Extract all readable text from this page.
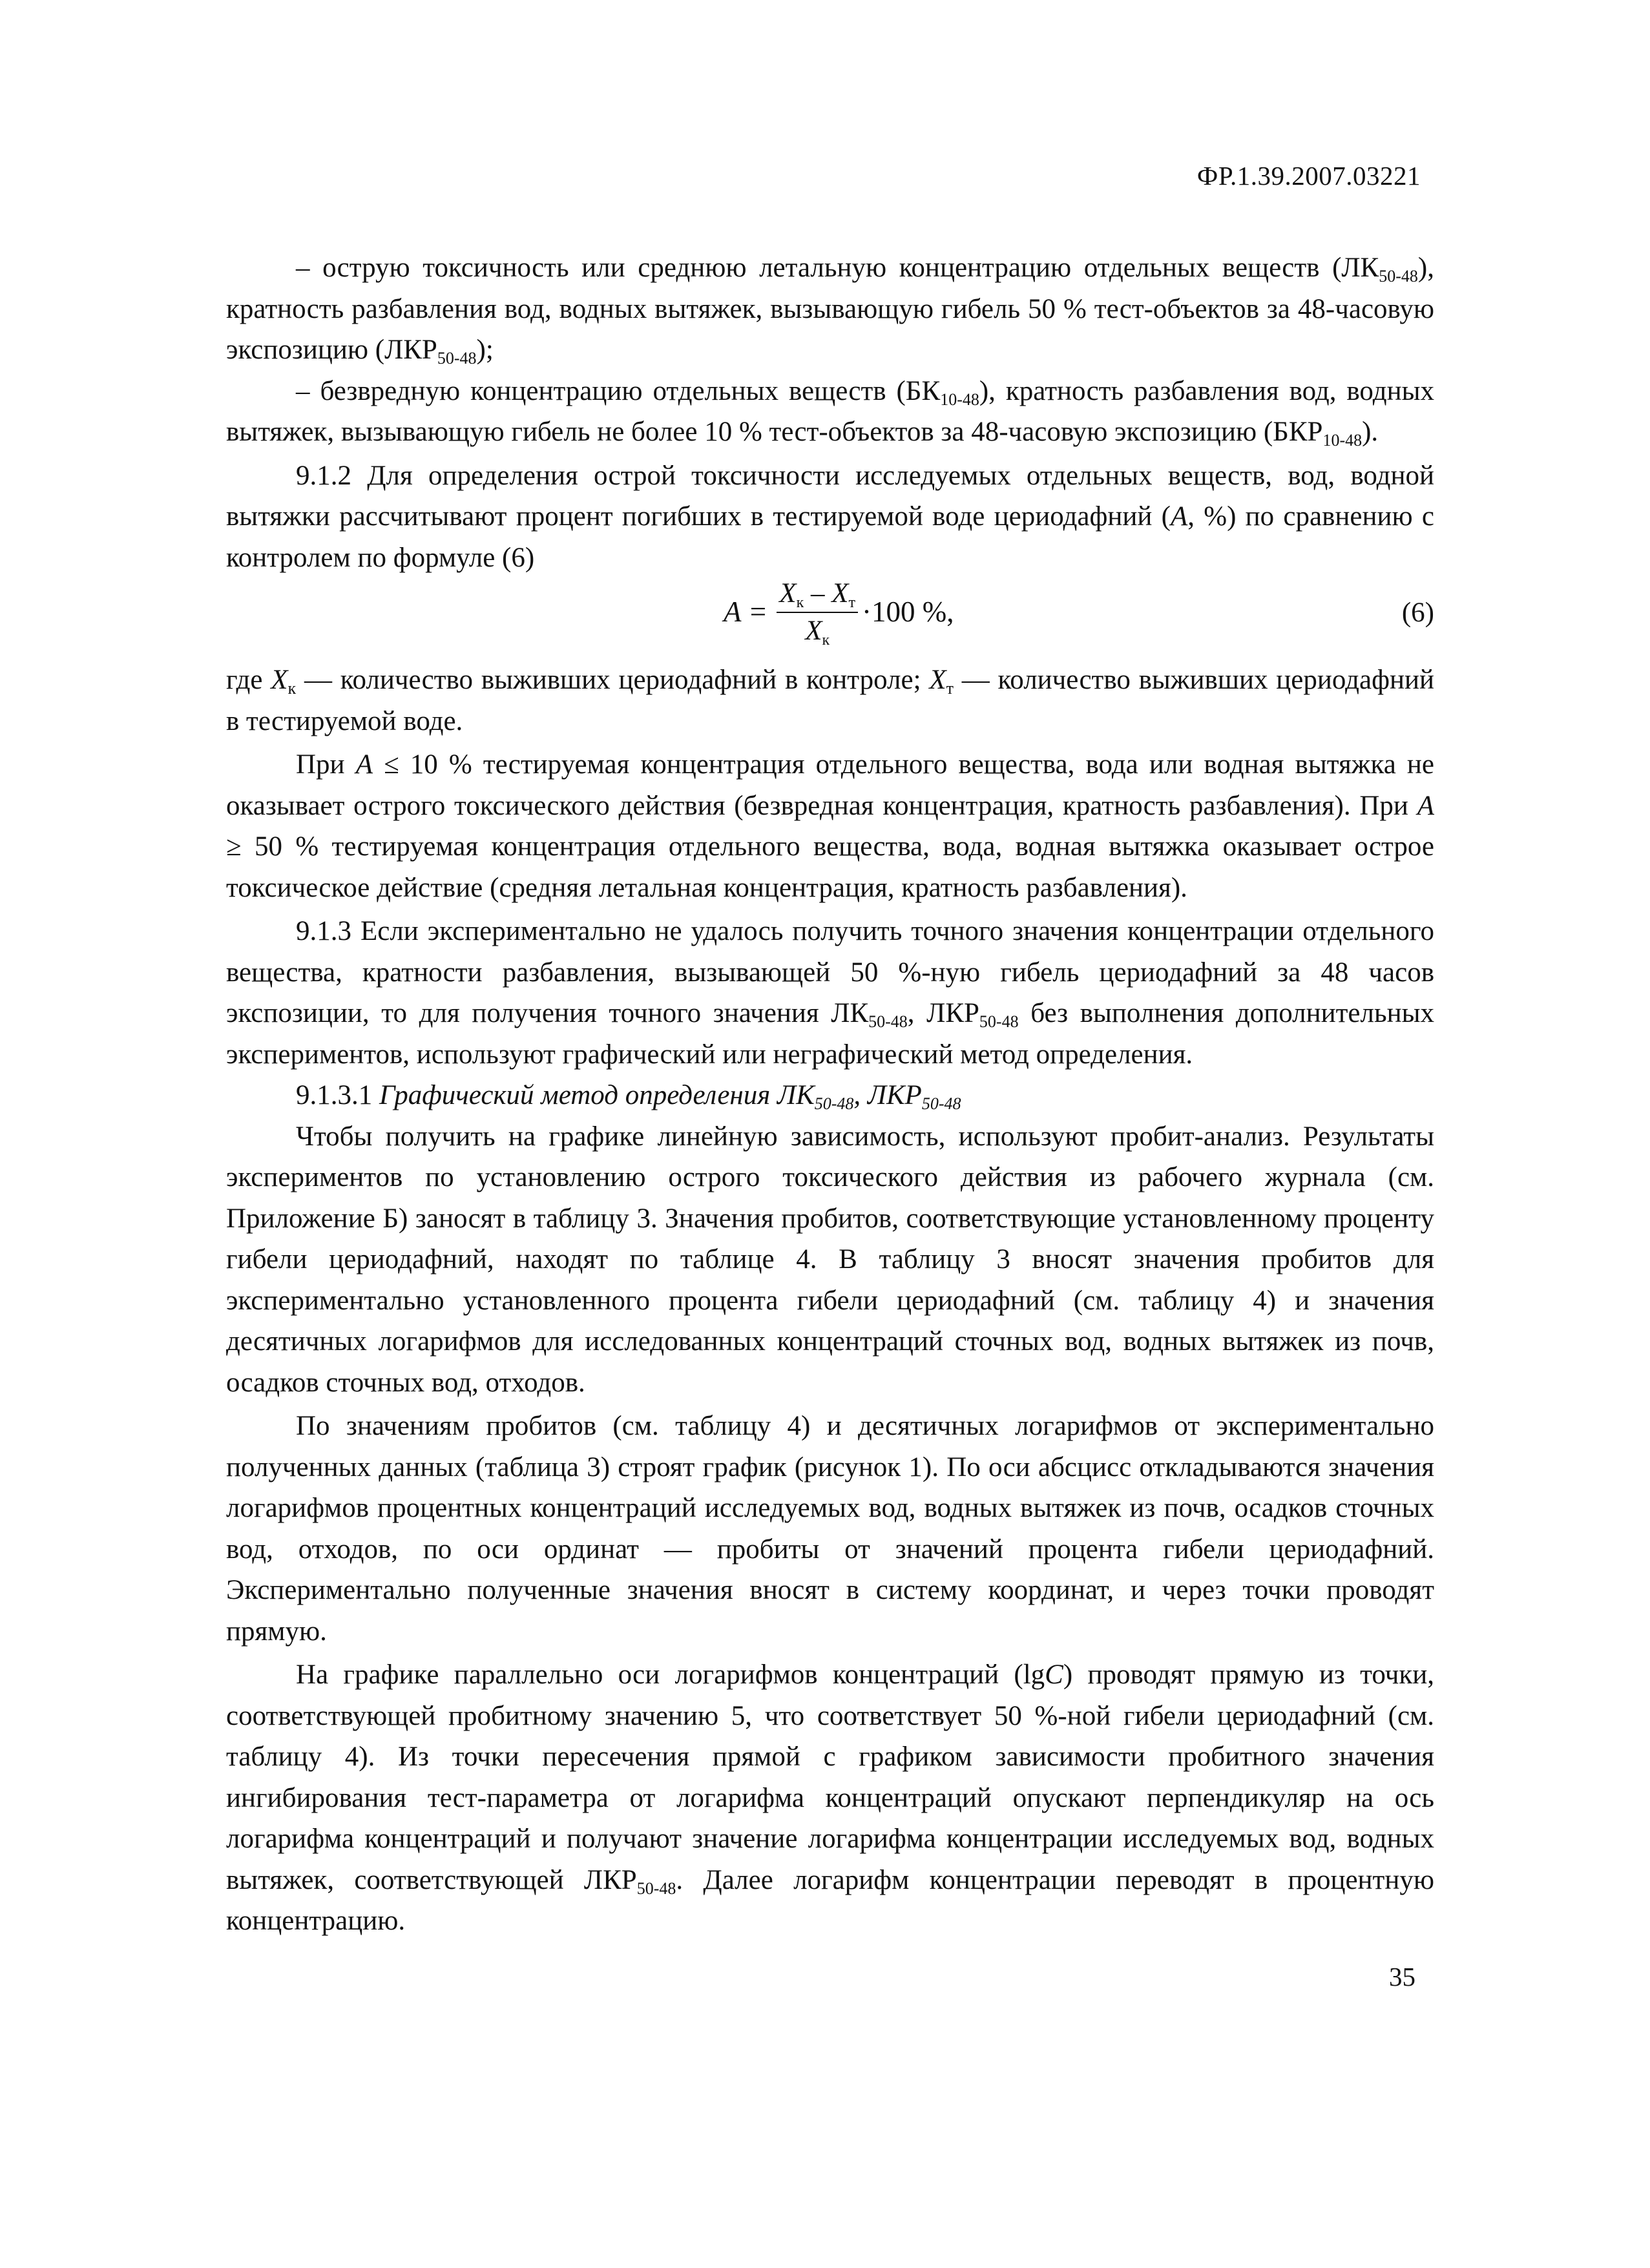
ФР.1.39.2007.03221

– острую токсичность или среднюю летальную концентрацию отдельных веществ $(ЛК_{50-48})$, кратность разбавления вод, водных вытяжек, вызывающую гибель 50 % тест-объектов за 48-часовую экспозицию $(ЛКР_{50-48})$;

– безвредную концентрацию отдельных веществ $(БК_{10-48})$, кратность разбавления вод, водных вытяжек, вызывающую гибель не более 10 % тест-объектов за 48-часовую экспозицию $(БКР_{10-48})$.

9.1.2 Для определения острой токсичности исследуемых отдельных веществ, вод, водной вытяжки рассчитывают процент погибших в тестируемой воде цериодафний (A, %) по сравнению с контролем по формуле (6)

$A = \frac{Xк - Xт}{Xк} \cdot 100$ %,	(6)

где $X_к$ — количество выживших цериодафний в контроле; $X_т$ — количество выживших цериодафний в тестируемой воде.

При A ≤ 10 % тестируемая концентрация отдельного вещества, вода или водная вытяжка не оказывает острого токсического действия (безвредная концентрация, кратность разбавления). При A ≥ 50 % тестируемая концентрация отдельного вещества, вода, водная вытяжка оказывает острое токсическое действие (средняя летальная концентрация, кратность разбавления).

9.1.3 Если экспериментально не удалось получить точного значения концентрации отдельного вещества, кратности разбавления, вызывающей 50 %-ную гибель цериодафний за 48 часов экспозиции, то для получения точного значения $ЛК_{50-48}$, $ЛКР_{50-48}$ без выполнения дополнительных экспериментов, используют графический или неграфический метод определения.

9.1.3.1 Графический метод определения $ЛК_{50-48}$, $ЛКР_{50-48}$

Чтобы получить на графике линейную зависимость, используют пробит-анализ. Результаты экспериментов по установлению острого токсического действия из рабочего журнала (см. Приложение Б) заносят в таблицу 3. Значения пробитов, соответствующие установленному проценту гибели цериодафний, находят по таблице 4. В таблицу 3 вносят значения пробитов для экспериментально установленного процента гибели цериодафний (см. таблицу 4) и значения десятичных логарифмов для исследованных концентраций сточных вод, водных вытяжек из почв, осадков сточных вод, отходов.

По значениям пробитов (см. таблицу 4) и десятичных логарифмов от экспериментально полученных данных (таблица 3) строят график (рисунок 1). По оси абсцисс откладываются значения логарифмов процентных концентраций исследуемых вод, водных вытяжек из почв, осадков сточных вод, отходов, по оси ординат — пробиты от значений процента гибели цериодафний. Экспериментально полученные значения вносят в систему координат, и через точки проводят прямую.

На графике параллельно оси логарифмов концентраций (lgC) проводят прямую из точки, соответствующей пробитному значению 5, что соответствует 50 %-ной гибели цериодафний (см. таблицу 4). Из точки пересечения прямой с графиком зависимости пробитного значения ингибирования тест-параметра от логарифма концентраций опускают перпендикуляр на ось логарифма концентраций и получают значение логарифма концентрации исследуемых вод, водных вытяжек, соответствующей $ЛКР_{50-48}$. Далее логарифм концентрации переводят в процентную концентрацию.

35
